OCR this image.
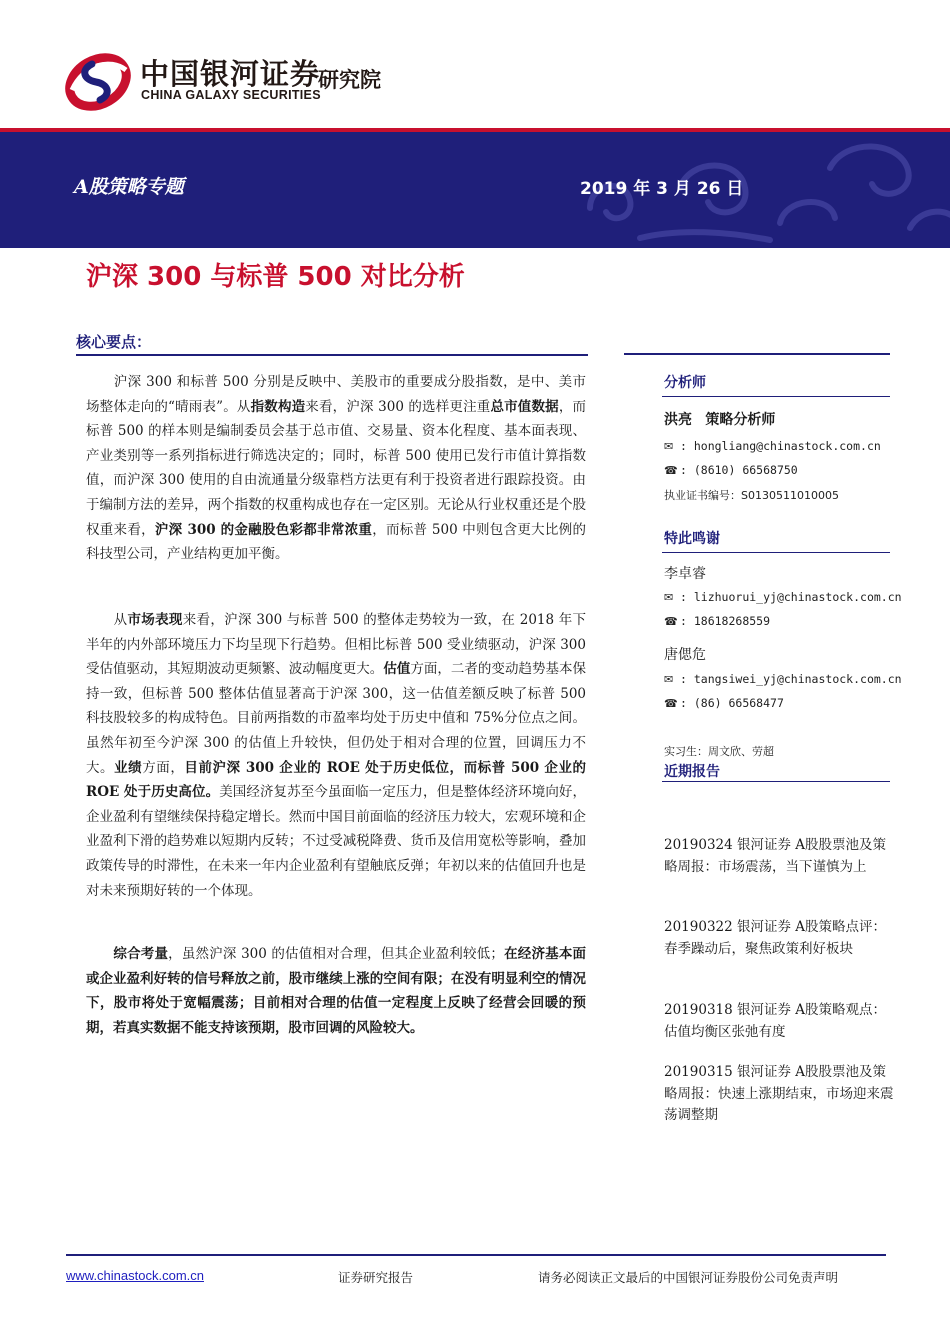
中国银河证券
CHINA GALAXY SECURITIES
研究院
A股策略专题	2019 年 3 月 26 日
沪深 300 与标普 500 对比分析
核心要点：

　　沪深 300 和标普 500 分别是反映中、美股市的重要成分股指数，是中、美市场整体走向的“晴雨表”。从指数构造来看，沪深 300 的选样更注重总市值数据，而标普 500 的样本则是编制委员会基于总市值、交易量、资本化程度、基本面表现、产业类别等一系列指标进行筛选决定的；同时，标普 500 使用已发行市值计算指数值，而沪深 300 使用的自由流通量分级靠档方法更有利于投资者进行跟踪投资。由于编制方法的差异，两个指数的权重构成也存在一定区别。无论从行业权重还是个股权重来看，沪深 300 的金融股色彩都非常浓重，而标普 500 中则包含更大比例的科技型公司，产业结构更加平衡。

　　从市场表现来看，沪深 300 与标普 500 的整体走势较为一致，在 2018 年下半年的内外部环境压力下均呈现下行趋势。但相比标普 500 受业绩驱动，沪深 300 受估值驱动，其短期波动更频繁、波动幅度更大。估值方面，二者的变动趋势基本保持一致，但标普 500 整体估值显著高于沪深 300，这一估值差额反映了标普 500 科技股较多的构成特色。目前两指数的市盈率均处于历史中值和 75%分位点之间。虽然年初至今沪深 300 的估值上升较快，但仍处于相对合理的位置，回调压力不大。业绩方面，目前沪深 300 企业的 ROE 处于历史低位，而标普 500 企业的 ROE 处于历史高位。美国经济复苏至今虽面临一定压力，但是整体经济环境向好，企业盈利有望继续保持稳定增长。然而中国目前面临的经济压力较大，宏观环境和企业盈利下滑的趋势难以短期内反转；不过受减税降费、货币及信用宽松等影响，叠加政策传导的时滞性，在未来一年内企业盈利有望触底反弹；年初以来的估值回升也是对未来预期好转的一个体现。

　　综合考量，虽然沪深 300 的估值相对合理，但其企业盈利较低；在经济基本面或企业盈利好转的信号释放之前，股市继续上涨的空间有限；在没有明显利空的情况下，股市将处于宽幅震荡；目前相对合理的估值一定程度上反映了经营会回暖的预期，若真实数据不能支持该预期，股市回调的风险较大。

分析师
洪亮 策略分析师
✉ : hongliang@chinastock.com.cn
☎ : (8610) 66568750
执业证书编号：S0130511010005
特此鸣谢
李卓睿
✉ : lizhuorui_yj@chinastock.com.cn
☎ : 18618268559
唐偲危
✉ : tangsiwei_yj@chinastock.com.cn
☎ : (86) 66568477
实习生：周文欣、劳超
近期报告

20190324 银河证券 A股股票池及策略周报：市场震荡，当下谨慎为上

20190322 银河证券 A股策略点评：春季躁动后，聚焦政策利好板块

20190318 银河证券 A股策略观点：估值均衡区张弛有度

20190315 银河证券 A股股票池及策略周报：快速上涨期结束，市场迎来震荡调整期

www.chinastock.com.cn	证券研究报告	请务必阅读正文最后的中国银河证券股份公司免责声明
